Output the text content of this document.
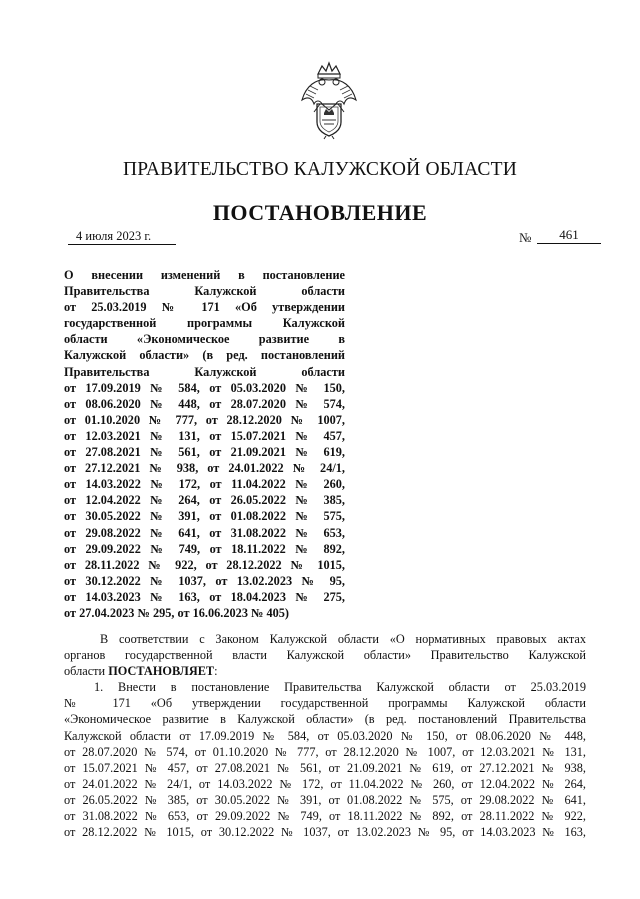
ПРАВИТЕЛЬСТВО КАЛУЖСКОЙ ОБЛАСТИ
ПОСТАНОВЛЕНИЕ
4 июля 2023 г.	№	461
О внесении изменений в постановление
Правительства Калужской области
от 25.03.2019 № 171 «Об утверждении
государственной программы Калужской
области «Экономическое развитие в
Калужской области» (в ред. постановлений
Правительства Калужской области
от 17.09.2019 № 584, от 05.03.2020 № 150,
от 08.06.2020 № 448, от 28.07.2020 № 574,
от 01.10.2020 № 777, от 28.12.2020 № 1007,
от 12.03.2021 № 131, от 15.07.2021 № 457,
от 27.08.2021 № 561, от 21.09.2021 № 619,
от 27.12.2021 № 938, от 24.01.2022 № 24/1,
от 14.03.2022 № 172, от 11.04.2022 № 260,
от 12.04.2022 № 264, от 26.05.2022 № 385,
от 30.05.2022 № 391, от 01.08.2022 № 575,
от 29.08.2022 № 641, от 31.08.2022 № 653,
от 29.09.2022 № 749, от 18.11.2022 № 892,
от 28.11.2022 № 922, от 28.12.2022 № 1015,
от 30.12.2022 № 1037, от 13.02.2023 № 95,
от 14.03.2023 № 163, от 18.04.2023 № 275,
от 27.04.2023 № 295, от 16.06.2023 № 405)
В соответствии с Законом Калужской области «О нормативных правовых актах
органов государственной власти Калужской области» Правительство Калужской
области ПОСТАНОВЛЯЕТ:
1. Внести в постановление Правительства Калужской области от 25.03.2019
№ 171 «Об утверждении государственной программы Калужской области
«Экономическое развитие в Калужской области» (в ред. постановлений Правительства
Калужской области от 17.09.2019 № 584, от 05.03.2020 № 150, от 08.06.2020 № 448,
от 28.07.2020 № 574, от 01.10.2020 № 777, от 28.12.2020 № 1007, от 12.03.2021 № 131,
от 15.07.2021 № 457, от 27.08.2021 № 561, от 21.09.2021 № 619, от 27.12.2021 № 938,
от 24.01.2022 № 24/1, от 14.03.2022 № 172, от 11.04.2022 № 260, от 12.04.2022 № 264,
от 26.05.2022 № 385, от 30.05.2022 № 391, от 01.08.2022 № 575, от 29.08.2022 № 641,
от 31.08.2022 № 653, от 29.09.2022 № 749, от 18.11.2022 № 892, от 28.11.2022 № 922,
от 28.12.2022 № 1015, от 30.12.2022 № 1037, от 13.02.2023 № 95, от 14.03.2023 № 163,
